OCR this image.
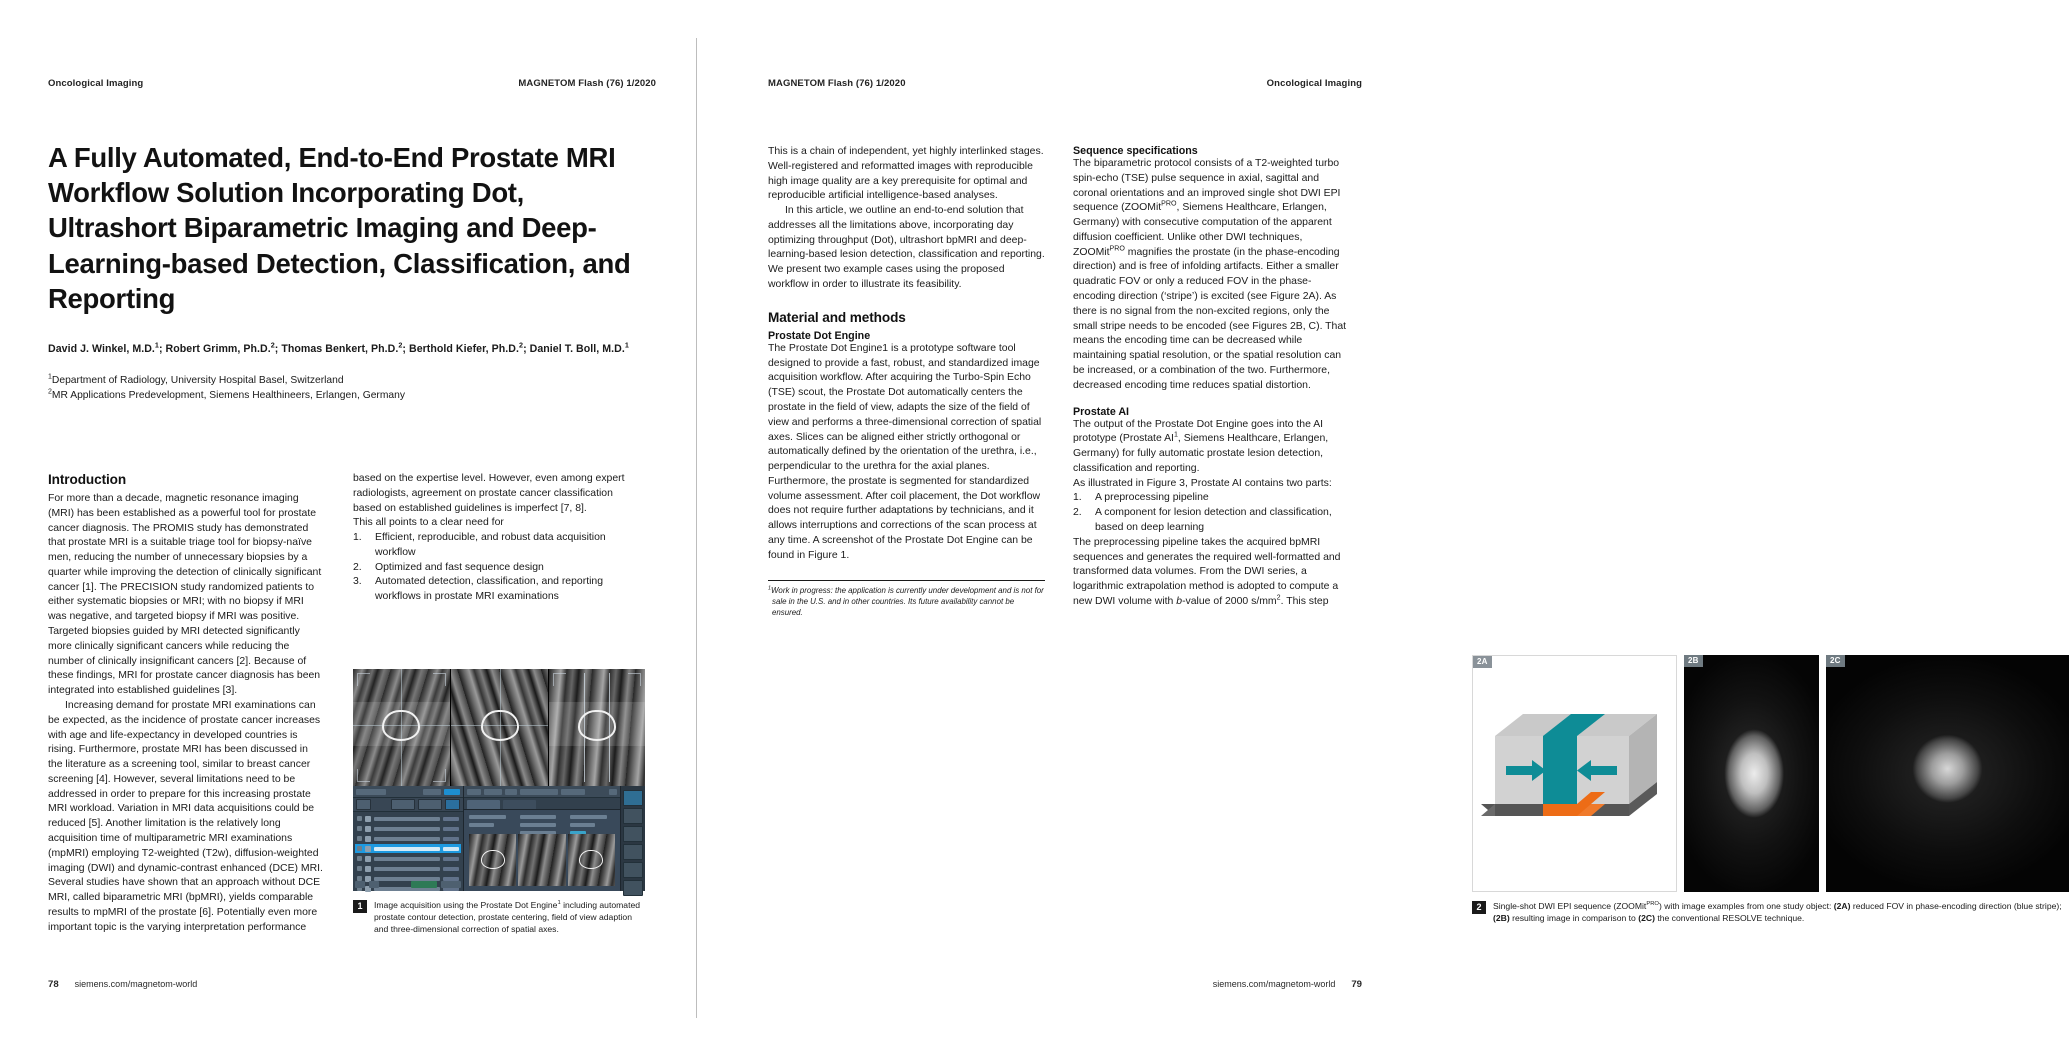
Oncological Imaging	MAGNETOM Flash (76) 1/2020
A Fully Automated, End-to-End Prostate MRI Workflow Solution Incorporating Dot, Ultrashort Biparametric Imaging and Deep-Learning-based Detection, Classification, and Reporting
David J. Winkel, M.D.$^1$; Robert Grimm, Ph.D.$^2$; Thomas Benkert, Ph.D.$^2$; Berthold Kiefer, Ph.D.$^2$; Daniel T. Boll, M.D.$^1$
$^1$Department of Radiology, University Hospital Basel, Switzerland
$^2$MR Applications Predevelopment, Siemens Healthineers, Erlangen, Germany
Introduction

For more than a decade, magnetic resonance imaging (MRI) has been established as a powerful tool for prostate cancer diagnosis. The PROMIS study has demonstrated that prostate MRI is a suitable triage tool for biopsy-naïve men, reducing the number of unnecessary biopsies by a quarter while improving the detection of clinically significant cancer [1]. The PRECISION study randomized patients to either systematic biopsies or MRI; with no biopsy if MRI was negative, and targeted biopsy if MRI was positive. Targeted biopsies guided by MRI detected significantly more clinically significant cancers while reducing the number of clinically insignificant cancers [2]. Because of these findings, MRI for prostate cancer diagnosis has been integrated into established guidelines [3].

Increasing demand for prostate MRI examinations can be expected, as the incidence of prostate cancer increases with age and life-expectancy in developed countries is rising. Furthermore, prostate MRI has been discussed in the literature as a screening tool, similar to breast cancer screening [4]. However, several limitations need to be addressed in order to prepare for this increasing prostate MRI workload. Variation in MRI data acquisitions could be reduced [5]. Another limitation is the relatively long acquisition time of multiparametric MRI examinations (mpMRI) employing T2-weighted (T2w), diffusion-weighted imaging (DWI) and dynamic-contrast enhanced (DCE) MRI. Several studies have shown that an approach without DCE MRI, called biparametric MRI (bpMRI), yields comparable results to mpMRI of the prostate [6]. Potentially even more important topic is the varying interpretation performance

based on the expertise level. However, even among expert radiologists, agreement on prostate cancer classification based on established guidelines is imperfect [7, 8].

This all points to a clear need for

1.	Efficient, reproducible, and robust data acquisition workflow
2.	Optimized and fast sequence design
3.	Automated detection, classification, and reporting workflows in prostate MRI examinations
1	Image acquisition using the Prostate Dot Engine$^1$ including automated prostate contour detection, prostate centering, field of view adaption and three-dimensional correction of spatial axes.
78 siemens.com/magnetom-world
MAGNETOM Flash (76) 1/2020	Oncological Imaging

This is a chain of independent, yet highly interlinked stages. Well-registered and reformatted images with reproducible high image quality are a key prerequisite for optimal and reproducible artificial intelligence-based analyses.

In this article, we outline an end-to-end solution that addresses all the limitations above, incorporating day optimizing throughput (Dot), ultrashort bpMRI and deep-learning-based lesion detection, classification and reporting. We present two example cases using the proposed workflow in order to illustrate its feasibility.

Material and methods
Prostate Dot Engine

The Prostate Dot Engine1 is a prototype software tool designed to provide a fast, robust, and standardized image acquisition workflow. After acquiring the Turbo-Spin Echo (TSE) scout, the Prostate Dot automatically centers the prostate in the field of view, adapts the size of the field of view and performs a three-dimensional correction of spatial axes. Slices can be aligned either strictly orthogonal or automatically defined by the orientation of the urethra, i.e., perpendicular to the urethra for the axial planes. Furthermore, the prostate is segmented for standardized volume assessment. After coil placement, the Dot workflow does not require further adaptations by technicians, and it allows interruptions and corrections of the scan process at any time. A screenshot of the Prostate Dot Engine can be found in Figure 1.

$^1$Work in progress: the application is currently under development and is not for sale in the U.S. and in other countries. Its future availability cannot be ensured.
Sequence specifications

The biparametric protocol consists of a T2-weighted turbo spin-echo (TSE) pulse sequence in axial, sagittal and coronal orientations and an improved single shot DWI EPI sequence (ZOOMit$^{PRO}$, Siemens Healthcare, Erlangen, Germany) with consecutive computation of the apparent diffusion coefficient. Unlike other DWI techniques, ZOOMit$^{PRO}$ magnifies the prostate (in the phase-encoding direction) and is free of infolding artifacts. Either a smaller quadratic FOV or only a reduced FOV in the phase-encoding direction (‘stripe’) is excited (see Figure 2A). As there is no signal from the non-excited regions, only the small stripe needs to be encoded (see Figures 2B, C). That means the encoding time can be decreased while maintaining spatial resolution, or the spatial resolution can be increased, or a combination of the two. Furthermore, decreased encoding time reduces spatial distortion.

Prostate AI

The output of the Prostate Dot Engine goes into the AI prototype (Prostate $AI^1$, Siemens Healthcare, Erlangen, Germany) for fully automatic prostate lesion detection, classification and reporting.

As illustrated in Figure 3, Prostate AI contains two parts:

1.	A preprocessing pipeline
2.	A component for lesion detection and classification, based on deep learning

The preprocessing pipeline takes the acquired bpMRI sequences and generates the required well-formatted and transformed data volumes. From the DWI series, a logarithmic extrapolation method is adopted to compute a new DWI volume with b-value of 2000 $s/mm^2$. This step

2A	2B	2C
2	Single-shot DWI EPI sequence (ZOOMit$^{PRO}$) with image examples from one study object: (2A) reduced FOV in phase-encoding direction (blue stripe); (2B) resulting image in comparison to (2C) the conventional RESOLVE technique.
siemens.com/magnetom-world 79
